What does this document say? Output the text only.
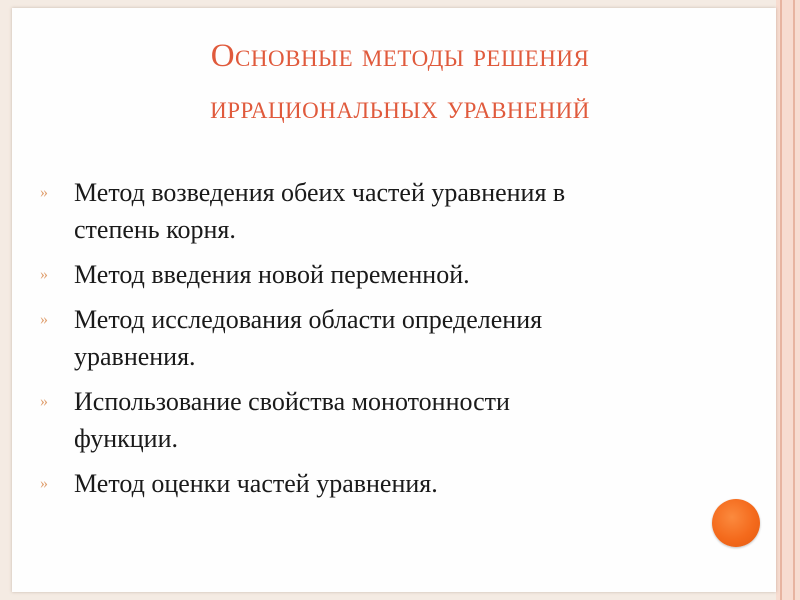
Основные методы решения
иррациональных уравнений
»	Метод возведения обеих частей уравнения в
степень корня.
»	Метод введения новой переменной.
»	Метод исследования области определения
уравнения.
»	Использование свойства монотонности
функции.
»	Метод оценки частей уравнения.
